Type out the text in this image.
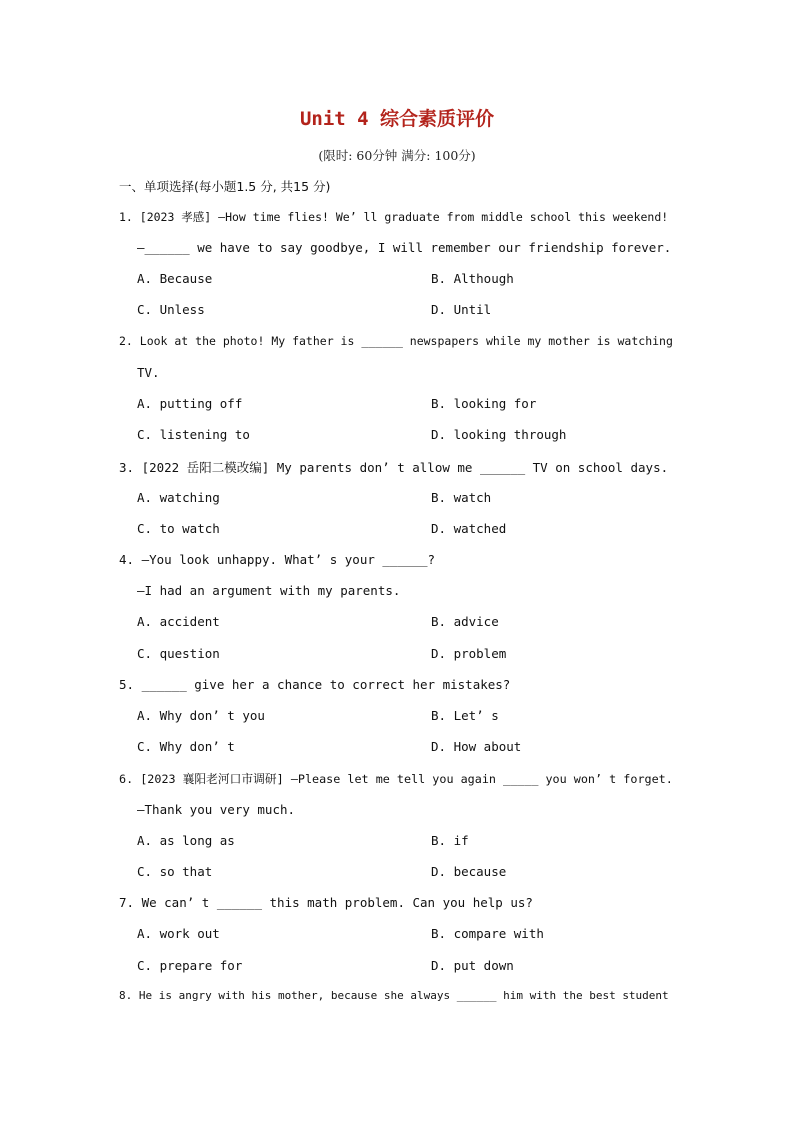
Unit 4 综合素质评价
(限时: 60分钟 满分: 100分)
一、单项选择(每小题1.5 分, 共15 分)
1. [2023 孝感] —How time flies! We’ ll graduate from middle school this weekend!
—______ we have to say goodbye, I will remember our friendship forever.
A. Because	B. Although
C. Unless	D. Until
2. Look at the photo! My father is ______ newspapers while my mother is watching
TV.
A. putting off	B. looking for
C. listening to	D. looking through
3. [2022 岳阳二模改编] My parents don’ t allow me ______ TV on school days.
A. watching	B. watch
C. to watch	D. watched
4. —You look unhappy. What’ s your ______?
—I had an argument with my parents.
A. accident	B. advice
C. question	D. problem
5. ______ give her a chance to correct her mistakes?
A. Why don’ t you	B. Let’ s
C. Why don’ t	D. How about
6. [2023 襄阳老河口市调研] —Please let me tell you again _____ you won’ t forget.
—Thank you very much.
A. as long as	B. if
C. so that	D. because
7. We can’ t ______ this math problem. Can you help us?
A. work out	B. compare with
C. prepare for	D. put down
8. He is angry with his mother, because she always ______ him with the best student
